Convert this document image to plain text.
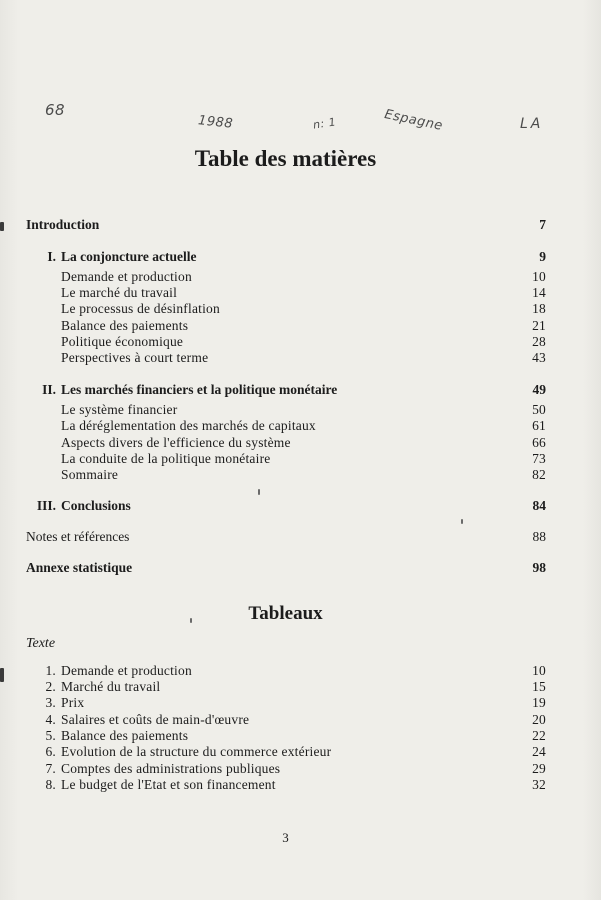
68
1988	n: 1	Espagne	LA
Table des matières
Introduction	7
I. La conjoncture actuelle	9
Demande et production	10
Le marché du travail	14
Le processus de désinflation	18
Balance des paiements	21
Politique économique	28
Perspectives à court terme	43
II. Les marchés financiers et la politique monétaire	49
Le système financier	50
La déréglementation des marchés de capitaux	61
Aspects divers de l'efficience du système	66
La conduite de la politique monétaire	73
Sommaire	82
III. Conclusions	84
Notes et références	88
Annexe statistique	98
Tableaux
Texte
1. Demande et production	10
2. Marché du travail	15
3. Prix	19
4. Salaires et coûts de main-d'œuvre	20
5. Balance des paiements	22
6. Evolution de la structure du commerce extérieur	24
7. Comptes des administrations publiques	29
8. Le budget de l'Etat et son financement	32
3
